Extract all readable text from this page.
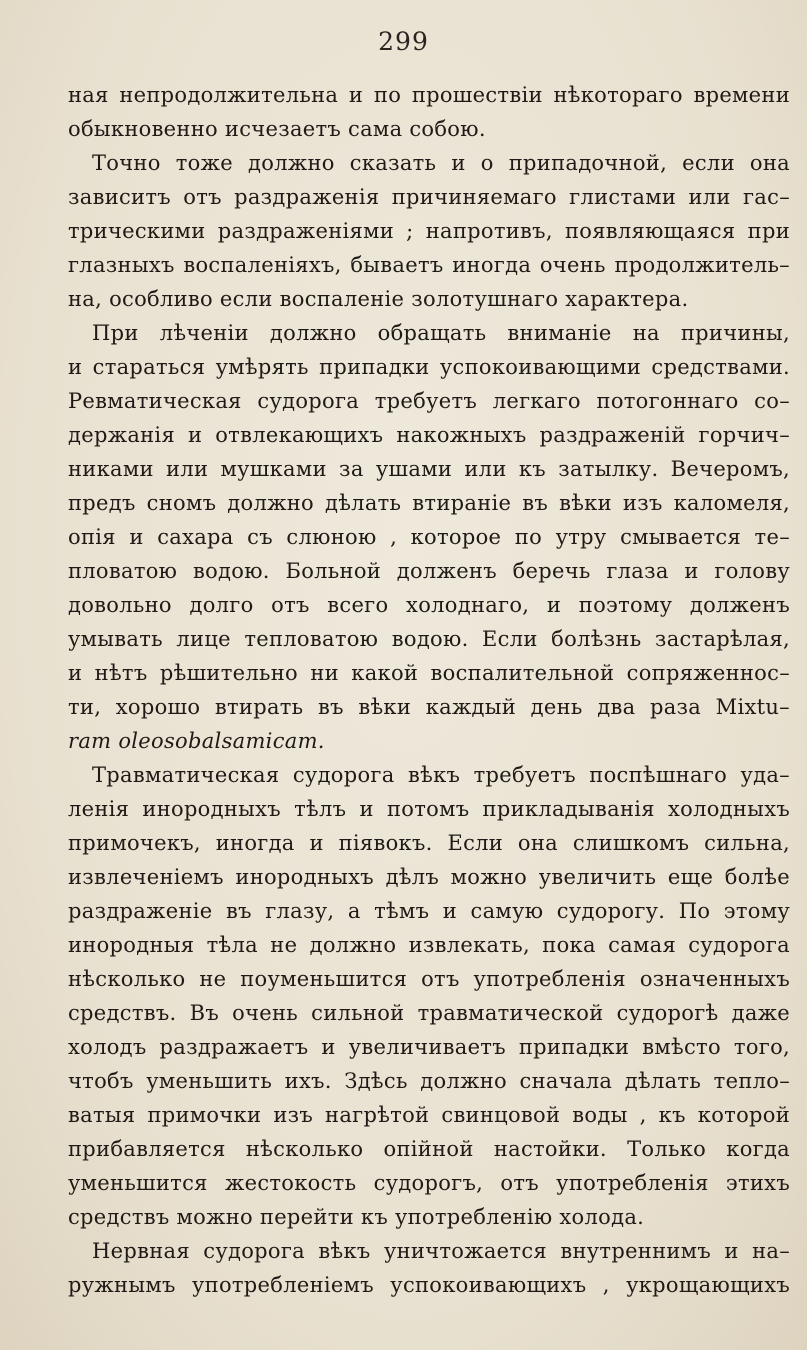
299
ная непродолжительна и по прошествіи нѣкотораго времени
обыкновенно исчезаетъ сама собою.
Точно тоже должно сказать и о припадочной, если она
зависитъ отъ раздраженія причиняемаго глистами или гас–
трическими раздраженіями ; напротивъ, появляющаяся при
глазныхъ воспаленіяхъ, бываетъ иногда очень продолжитель–
на, особливо если воспаленіе золотушнаго характера.
При лѣченіи должно обращать вниманіе на причины,
и стараться умѣрять припадки успокоивающими средствами.
Ревматическая судорога требуетъ легкаго потогоннаго со–
держанія и отвлекающихъ накожныхъ раздраженій горчич–
никами или мушками за ушами или къ затылку. Вечеромъ,
предъ сномъ должно дѣлать втираніе въ вѣки изъ каломеля,
опія и сахара съ слюною , которое по утру смывается те–
пловатою водою. Больной долженъ беречь глаза и голову
довольно долго отъ всего холоднаго, и поэтому долженъ
умывать лице тепловатою водою. Если болѣзнь застарѣлая,
и нѣтъ рѣшительно ни какой воспалительной сопряженнос–
ти, хорошо втирать въ вѣки каждый день два раза Mixtu–
ram oleosobalsamicam.
Травматическая судорога вѣкъ требуетъ поспѣшнаго уда–
ленія инородныхъ тѣлъ и потомъ прикладыванія холодныхъ
примочекъ, иногда и піявокъ. Если она слишкомъ сильна,
извлеченіемъ инородныхъ дѣлъ можно увеличить еще болѣе
раздраженіе въ глазу, а тѣмъ и самую судорогу. По этому
инородныя тѣла не должно извлекать, пока самая судорога
нѣсколько не поуменьшится отъ употребленія означенныхъ
средствъ. Въ очень сильной травматической судорогѣ даже
холодъ раздражаетъ и увеличиваетъ припадки вмѣсто того,
чтобъ уменьшить ихъ. Здѣсь должно сначала дѣлать тепло–
ватыя примочки изъ нагрѣтой свинцовой воды , къ которой
прибавляется нѣсколько опійной настойки. Только когда
уменьшится жестокость судорогъ, отъ употребленія этихъ
средствъ можно перейти къ употребленію холода.
Нервная судорога вѣкъ уничтожается внутреннимъ и на–
ружнымъ употребленіемъ успокоивающихъ , укрощающихъ
